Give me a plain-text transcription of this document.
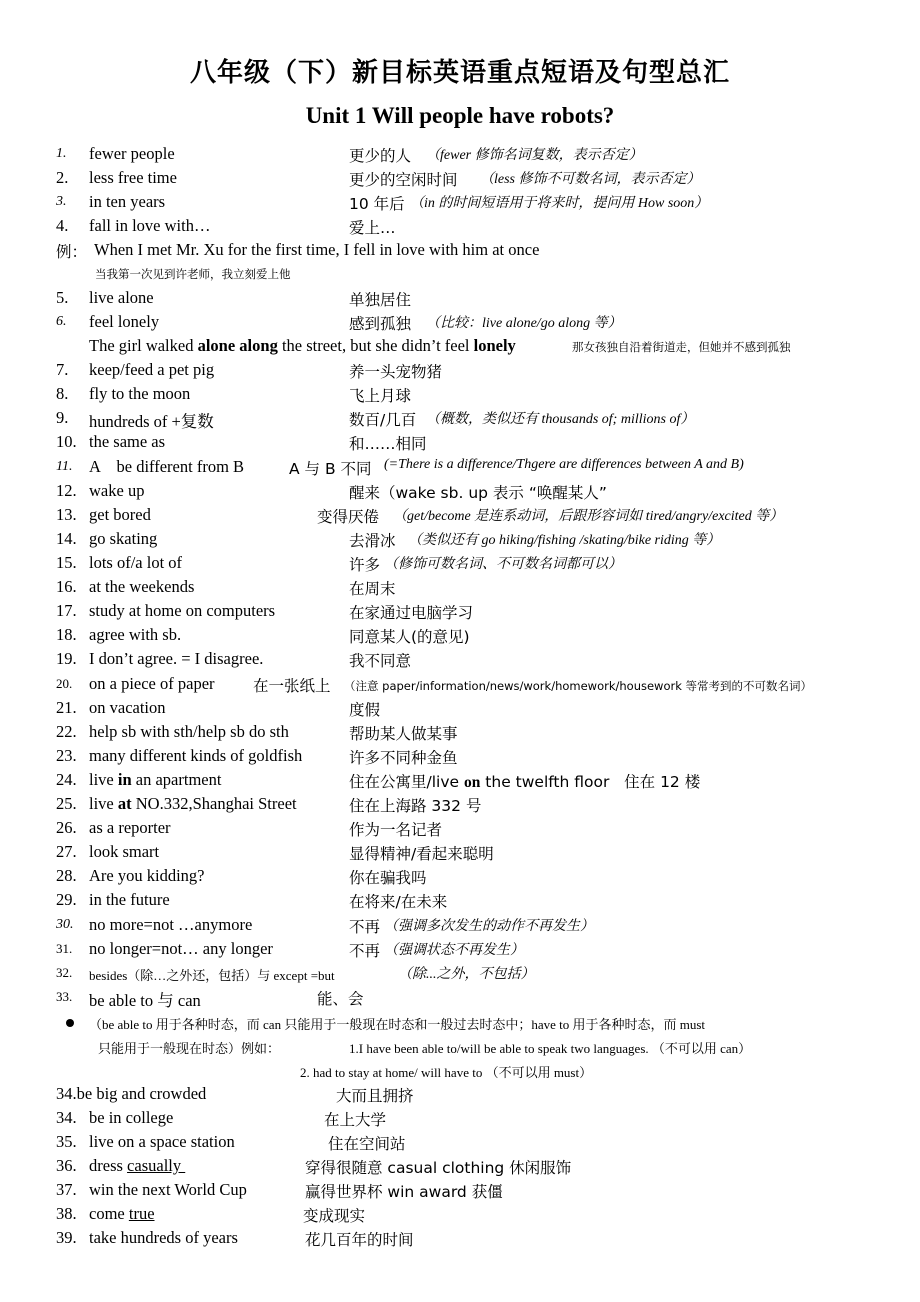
八年级（下）新目标英语重点短语及句型总汇
Unit 1 Will people have robots?
1. fewer people	更少的人 （fewer 修饰名词复数，表示否定）
2. less free time	更少的空闲时间 （less 修饰不可数名词，表示否定）
3. in ten years	10 年后 （in 的时间短语用于将来时，提问用 How soon）
4. fall in love with…	爱上…
例： When I met Mr. Xu for the first time, I fell in love with him at once
当我第一次见到许老师，我立刻爱上他
5. live alone	单独居住
6. feel lonely	感到孤独 （比较：live alone/go along 等）
The girl walked alone along the street, but she didn’t feel lonely	那女孩独自沿着街道走，但她并不感到孤独
7. keep/feed a pet pig	养一头宠物猪
8. fly to the moon	飞上月球
9. hundreds of +复数	数百/几百 （概数，类似还有 thousands of; millions of）
10. the same as	和……相同
11. A    be different from B	A 与 B 不同 (=There is a difference/Thgere are differences between A and B)
12. wake up	醒来（wake sb. up 表示 “唤醒某人”
13. get bored	变得厌倦 （get/become 是连系动词，后跟形容词如 tired/angry/excited 等）
14. go skating	去滑冰 （类似还有 go hiking/fishing /skating/bike riding 等）
15. lots of/a lot of	许多 （修饰可数名词、不可数名词都可以）
16. at the weekends	在周末
17. study at home on computers	在家通过电脑学习
18. agree with sb.	同意某人(的意见)
19. I don’t agree. = I disagree.	我不同意
20. on a piece of paper 在一张纸上 （注意 paper/information/news/work/homework/housework 等常考到的不可数名词）
21. on vacation	度假
22. help sb with sth/help sb do sth	帮助某人做某事
23. many different kinds of goldfish	许多不同种金鱼
24. live in an apartment	住在公寓里/live on the twelfth floor   住在 12 楼
25. live at NO.332,Shanghai Street	住在上海路 332 号
26. as a reporter	作为一名记者
27. look smart	显得精神/看起来聪明
28. Are you kidding?	你在骗我吗
29. in the future	在将来/在未来
30. no more=not …anymore	不再 （强调多次发生的动作不再发生）
31. no longer=not… any longer	不再 （强调状态不再发生）
32. besides（除…之外还，包括）与 except =but	（除...之外，不包括）
33. be able to 与 can	能、会
（be able to 用于各种时态，而 can 只能用于一般现在时态和一般过去时态中；have to 用于各种时态，而 must
只能用于一般现在时态）例如：	1.I have been able to/will be able to speak two languages. （不可以用 can）
2. had to stay at home/ will have to （不可以用 must）
34.be big and crowded	大而且拥挤
34. be in college	在上大学
35. live on a space station	住在空间站
36. dress casually	穿得很随意 casual clothing 休闲服饰
37. win the next World Cup	赢得世界杯 win award 获僵
38. come true	变成现实
39. take hundreds of years	花几百年的时间
